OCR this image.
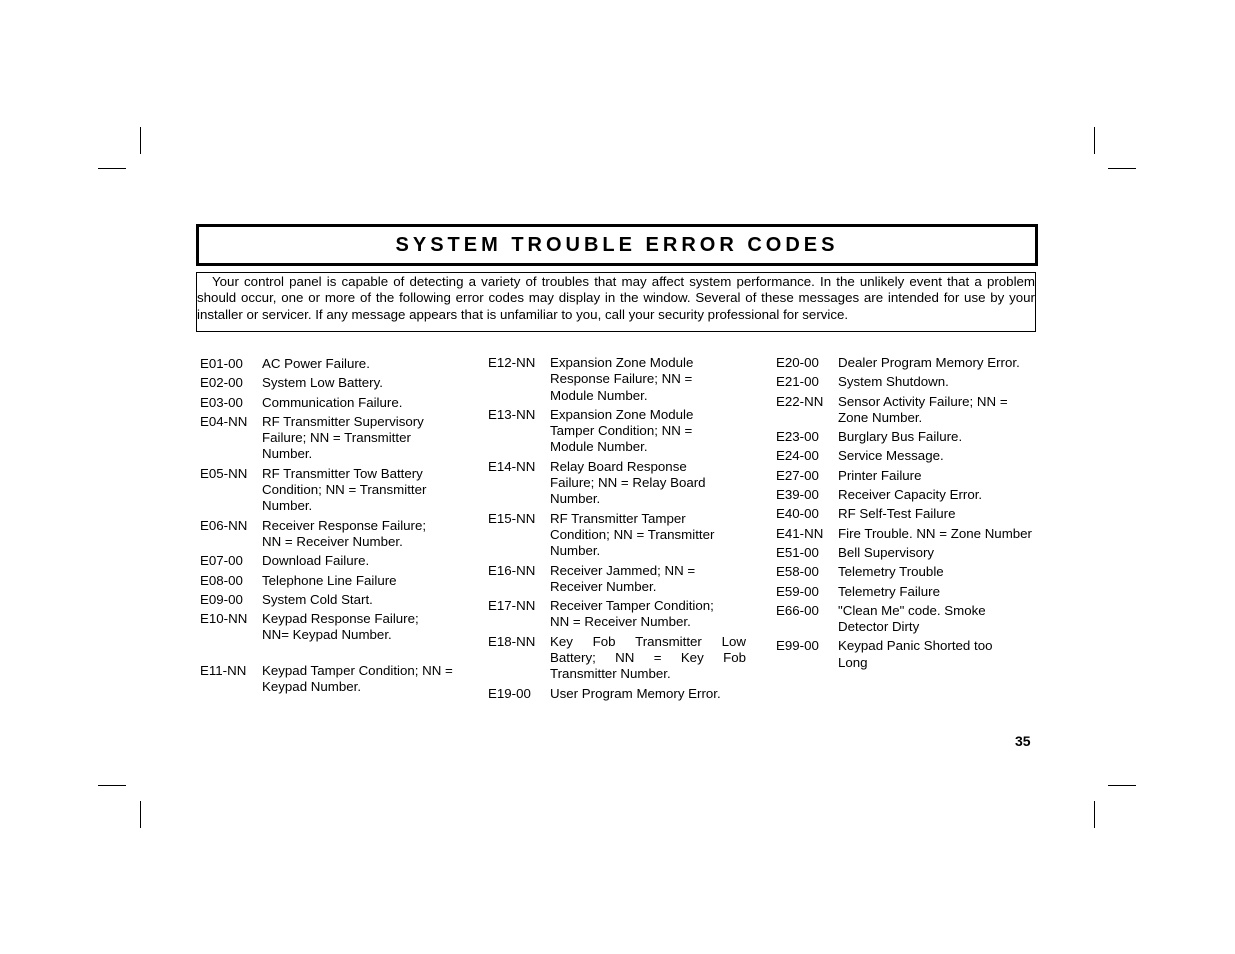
SYSTEM TROUBLE ERROR CODES

Your control panel is capable of detecting a variety of troubles that may affect system performance. In the unlikely event that a problem should occur, one or more of the following error codes may display in the window. Several of these messages are intended for use by your installer or servicer. If any message appears that is unfamiliar to you, call your security professional for service.

E01-00	AC Power Failure.
E02-00	System Low Battery.
E03-00	Communication Failure.
E04-NN	RF Transmitter Supervisory Failure; NN = Transmitter Number.
E05-NN	RF Transmitter Tow Battery Condition; NN = Transmitter Number.
E06-NN	Receiver Response Failure; NN = Receiver Number.
E07-00	Download Failure.
E08-00	Telephone Line Failure
E09-00	System Cold Start.
E10-NN	Keypad Response Failure; NN= Keypad Number.
E11-NN	Keypad Tamper Condition; NN = Keypad Number.
E12-NN	Expansion Zone Module Response Failure; NN = Module Number.
E13-NN	Expansion Zone Module Tamper Condition; NN = Module Number.
E14-NN	Relay Board Response Failure; NN = Relay Board Number.
E15-NN	RF Transmitter Tamper Condition; NN = Transmitter Number.
E16-NN	Receiver Jammed; NN = Receiver Number.
E17-NN	Receiver Tamper Condition; NN = Receiver Number.
E18-NN	Key Fob Transmitter Low Battery; NN = Key Fob Transmitter Number.
E19-00	User Program Memory Error.
E20-00	Dealer Program Memory Error.
E21-00	System Shutdown.
E22-NN	Sensor Activity Failure; NN = Zone Number.
E23-00	Burglary Bus Failure.
E24-00	Service Message.
E27-00	Printer Failure
E39-00	Receiver Capacity Error.
E40-00	RF Self-Test Failure
E41-NN	Fire Trouble. NN = Zone Number
E51-00	Bell Supervisory
E58-00	Telemetry Trouble
E59-00	Telemetry Failure
E66-00	"Clean Me" code. Smoke Detector Dirty
E99-00	Keypad Panic Shorted too Long
35
